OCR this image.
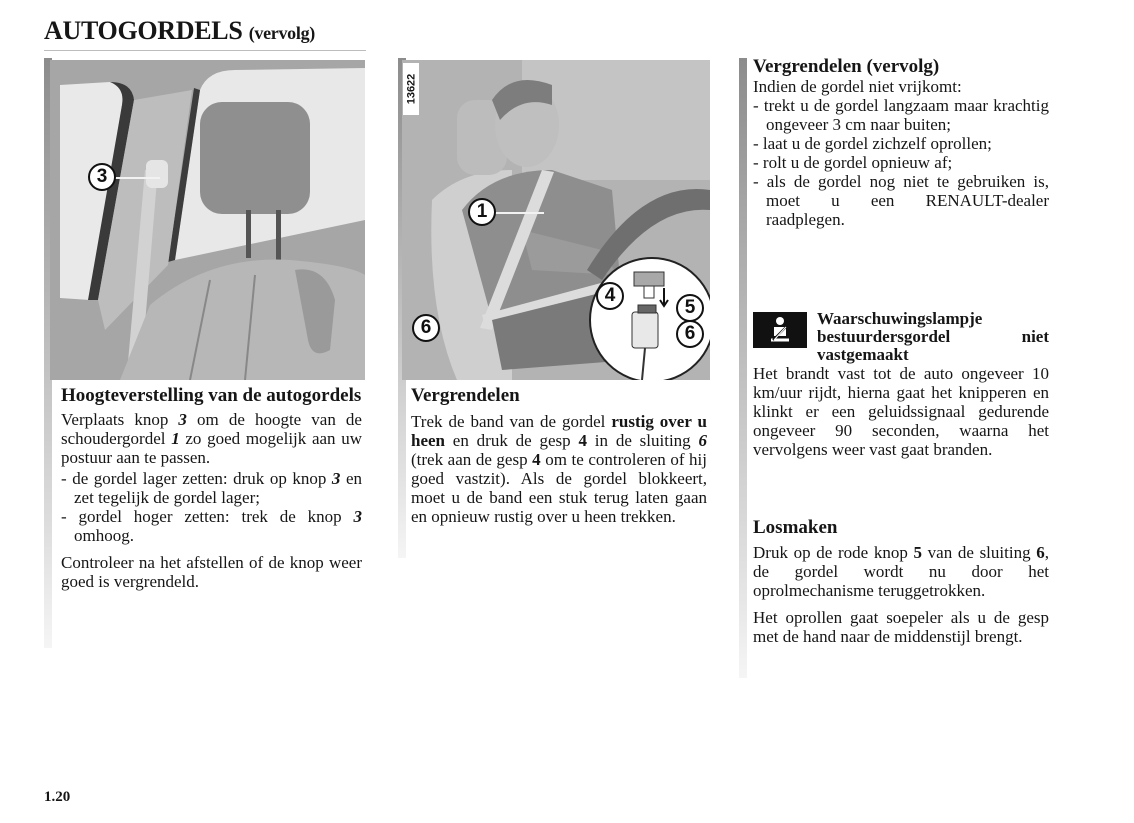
AUTOGORDELS (vervolg)
3
13622
1
4
5
6
6
Hoogteverstelling van de autogordels

Verplaats knop 3 om de hoogte van de schoudergordel 1 zo goed mogelijk aan uw postuur aan te passen.

- de gordel lager zetten: druk op knop 3 en zet tegelijk de gordel lager;
- gordel hoger zetten: trek de knop 3 omhoog.

Controleer na het afstellen of de knop weer goed is vergrendeld.

Vergrendelen

Trek de band van de gordel rustig over u heen en druk de gesp 4 in de sluiting 6 (trek aan de gesp 4 om te controleren of hij goed vastzit). Als de gordel blokkeert, moet u de band een stuk terug laten gaan en opnieuw rustig over u heen trekken.

Vergrendelen (vervolg)

Indien de gordel niet vrijkomt:

- trekt u de gordel langzaam maar krachtig ongeveer 3 cm naar buiten;
- laat u de gordel zichzelf oprollen;
- rolt u de gordel opnieuw af;
- als de gordel nog niet te gebruiken is, moet u een RENAULT-dealer raadplegen.
Waarschuwingslampje bestuurdersgordel niet vastgemaakt

Het brandt vast tot de auto ongeveer 10 km/uur rijdt, hierna gaat het knipperen en klinkt er een geluidssignaal gedurende ongeveer 90 seconden, waarna het vervolgens weer vast gaat branden.

Losmaken

Druk op de rode knop 5 van de sluiting 6, de gordel wordt nu door het oprolmechanisme teruggetrokken.

Het oprollen gaat soepeler als u de gesp met de hand naar de middenstijl brengt.

1.20
